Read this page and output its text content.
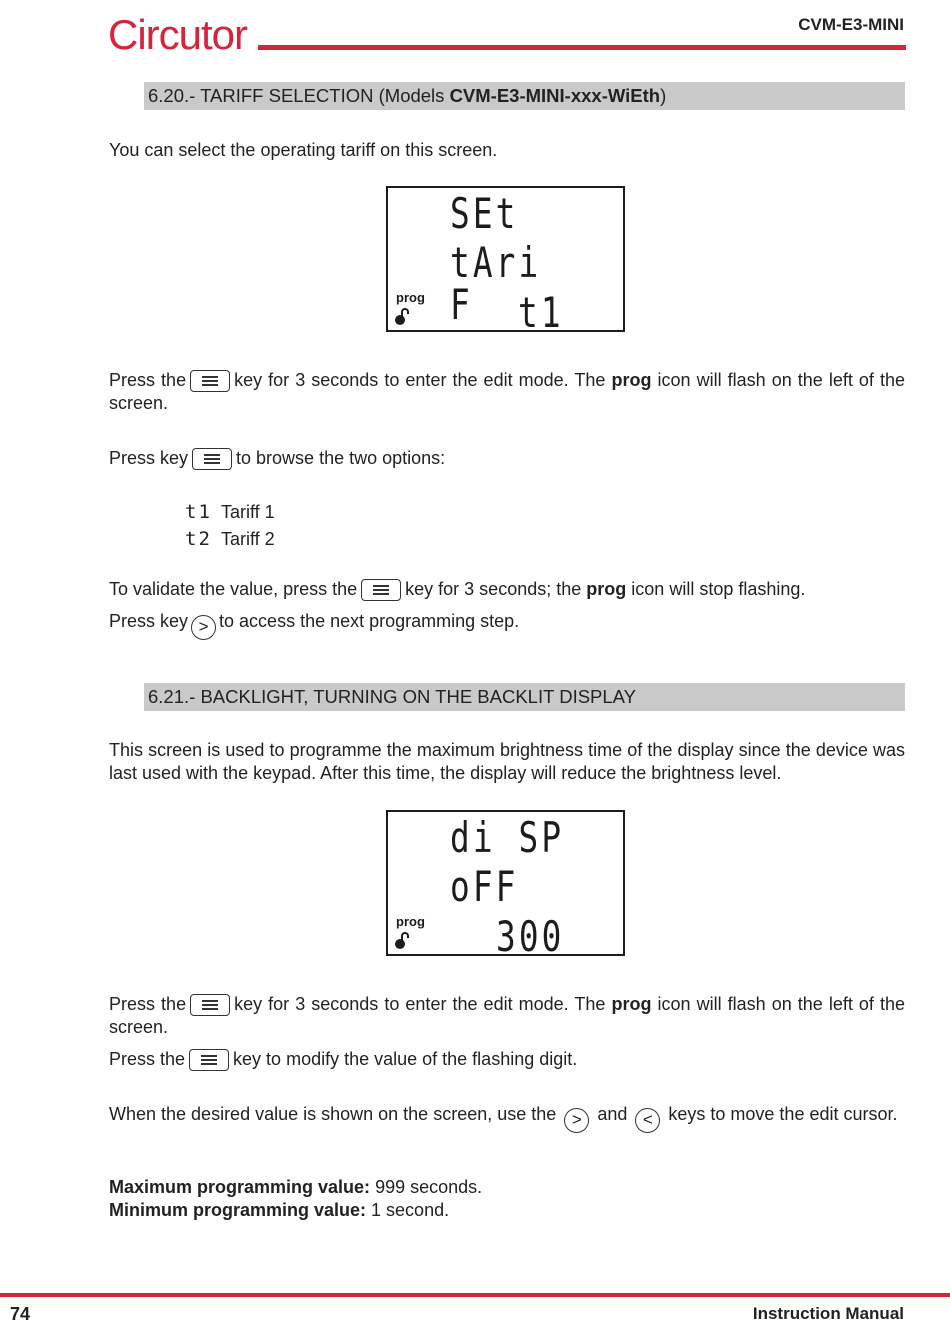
Circutor	CVM-E3-MINI
6.20.- TARIFF SELECTION (Models CVM-E3-MINI-xxx-WiEth)
You can select the operating tariff on this screen.
SEt
tAri F	t1
prog
Press the	key for 3 seconds to enter the edit mode. The prog icon will flash on the left of the screen.
Press key	to browse the two options:
t1 Tariff 1
t2 Tariff 2
To validate the value, press the	key for 3 seconds; the prog icon will stop flashing.
Press key > to access the next programming step.
6.21.- BACKLIGHT, TURNING ON THE BACKLIT DISPLAY
This screen is used to programme the maximum brightness time of the display since the device was last used with the keypad. After this time, the display will reduce the brightness level.
di SP
oFF
300
prog
Press the	key for 3 seconds to enter the edit mode. The prog icon will flash on the left of the screen.
Press the	key to modify the value of the flashing digit.
When the desired value is shown on the screen, use the > and < keys to move the edit cursor.
Maximum programming value: 999 seconds.
Minimum programming value: 1 second.
74	Instruction Manual
